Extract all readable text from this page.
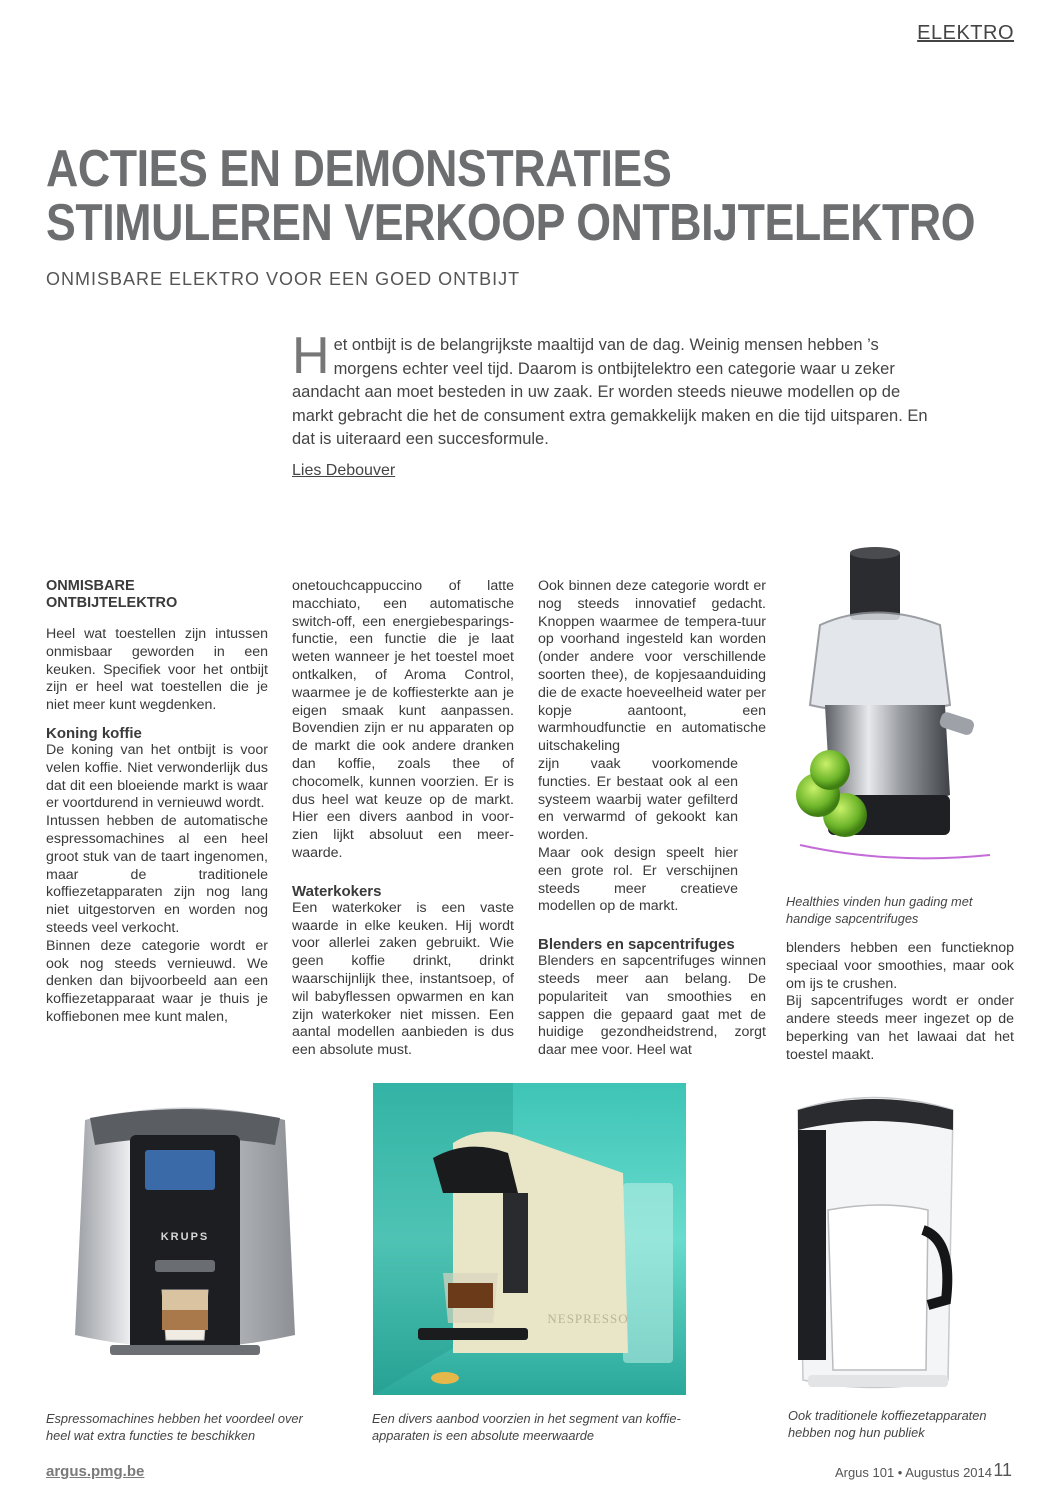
ELEKTRO
ACTIES EN DEMONSTRATIES
STIMULEREN VERKOOP ONTBIJTELEKTRO
ONMISBARE ELEKTRO VOOR EEN GOED ONTBIJT
Het ontbijt is de belangrijkste maaltijd van de dag. Weinig mensen hebben ’s morgens echter veel tijd. Daarom is ontbijtelektro een categorie waar u zeker aandacht aan moet besteden in uw zaak. Er worden steeds nieuwe modellen op de markt gebracht die het de consument extra gemakkelijk maken en die tijd uitsparen. En dat is uiteraard een succesformule.
Lies Debouver
ONMISBARE ONTBIJTELEKTRO

Heel wat toestellen zijn intussen onmisbaar geworden in een keuken. Specifiek voor het ontbijt zijn er heel wat toestellen die je niet meer kunt wegdenken.

Koning koffie

De koning van het ontbijt is voor velen koffie. Niet verwonderlijk dus dat dit een bloeiende markt is waar er voortdurend in vernieuwd wordt.

Intussen hebben de automatische espressomachines al een heel groot stuk van de taart ingenomen, maar de traditionele koffiezetapparaten zijn nog lang niet uitgestorven en worden nog steeds veel verkocht.

Binnen deze categorie wordt er ook nog steeds vernieuwd. We denken dan bijvoorbeeld aan een koffiezetapparaat waar je thuis je koffiebonen mee kunt malen,

onetouchcappuccino of latte macchiato, een automatische switch-off, een energiebesparings-functie, een functie die je laat weten wanneer je het toestel moet ontkalken, of Aroma Control, waarmee je de koffiesterkte aan je eigen smaak kunt aanpassen. Bovendien zijn er nu apparaten op de markt die ook andere dranken dan koffie, zoals thee of chocomelk, kunnen voorzien. Er is dus heel wat keuze op de markt. Hier een divers aanbod in voor-zien lijkt absoluut een meer-waarde.

Waterkokers

Een waterkoker is een vaste waarde in elke keuken. Hij wordt voor allerlei zaken gebruikt. Wie geen koffie drinkt, drinkt waarschijnlijk thee, instantsoep, of wil babyflessen opwarmen en kan zijn waterkoker niet missen. Een aantal modellen aanbieden is dus een absolute must.

Ook binnen deze categorie wordt er nog steeds innovatief gedacht. Knoppen waarmee de tempera-tuur op voorhand ingesteld kan worden (onder andere voor verschillende soorten thee), de kopjesaanduiding die de exacte hoeveelheid water per kopje aantoont, een warmhoudfunctie en automatische uitschakeling

zijn vaak voorkomende functies. Er bestaat ook al een systeem waarbij water gefilterd en verwarmd of gekookt kan worden.

Maar ook design speelt hier een grote rol. Er verschijnen steeds meer creatieve modellen op de markt.

Blenders en sapcentrifuges

Blenders en sapcentrifuges winnen steeds meer aan belang. De populariteit van smoothies en sappen die gepaard gaat met de huidige gezondheidstrend, zorgt daar mee voor. Heel wat

blenders hebben een functieknop speciaal voor smoothies, maar ook om ijs te crushen.

Bij sapcentrifuges wordt er onder andere steeds meer ingezet op de beperking van het lawaai dat het toestel maakt.

Healthies vinden hun gading met handige sapcentrifuges
KRUPS
Espressomachines hebben het voordeel over heel wat extra functies te beschikken
NESPRESSO
Een divers aanbod voorzien in het segment van koffie-apparaten is een absolute meerwaarde
Ook traditionele koffiezetapparaten hebben nog hun publiek
argus.pmg.be	Argus 101 • Augustus 2014 11
